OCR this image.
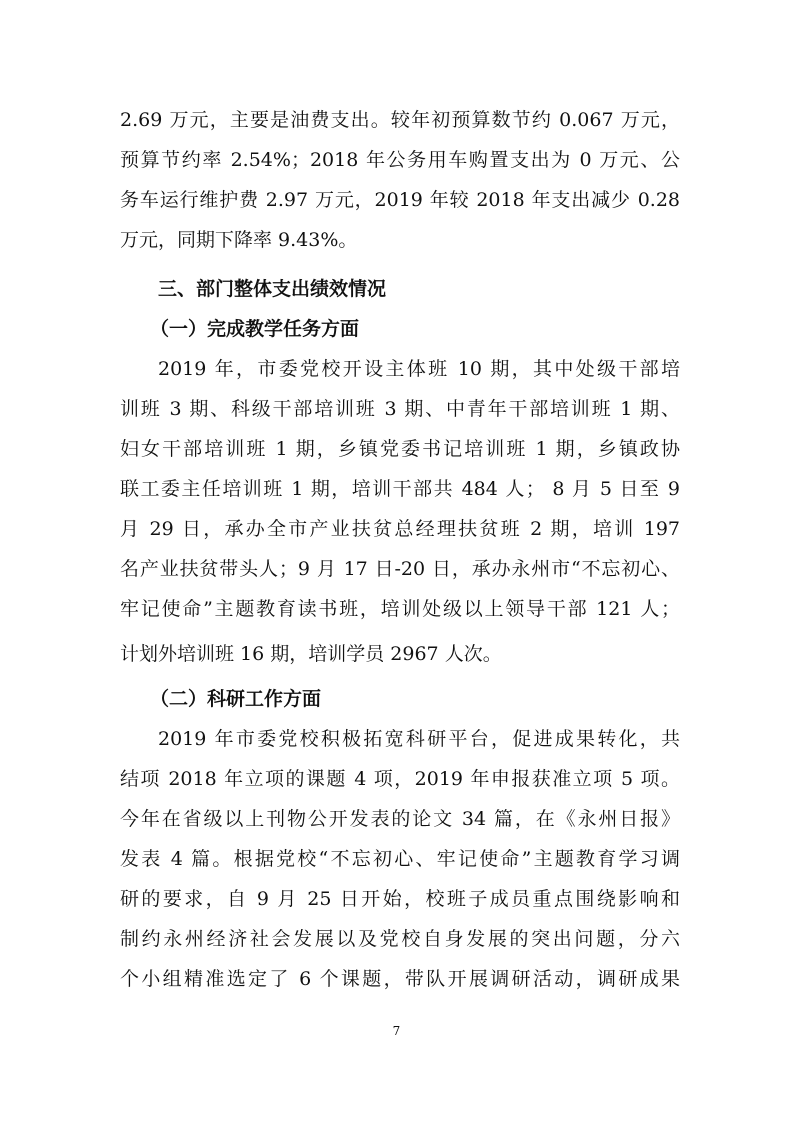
2.69 万元，主要是油费支出。较年初预算数节约 0.067 万元，
预算节约率 2.54%；2018 年公务用车购置支出为 0 万元、公
务车运行维护费 2.97 万元，2019 年较 2018 年支出减少 0.28
万元，同期下降率 9.43%。
三、部门整体支出绩效情况
（一）完成教学任务方面
2019 年，市委党校开设主体班 10 期，其中处级干部培
训班 3 期、科级干部培训班 3 期、中青年干部培训班 1 期、
妇女干部培训班 1 期，乡镇党委书记培训班 1 期，乡镇政协
联工委主任培训班 1 期，培训干部共 484 人； 8 月 5 日至 9
月 29 日，承办全市产业扶贫总经理扶贫班 2 期，培训 197
名产业扶贫带头人；9 月 17 日-20 日，承办永州市“不忘初心、
牢记使命”主题教育读书班，培训处级以上领导干部 121 人；
计划外培训班 16 期，培训学员 2967 人次。
（二）科研工作方面
2019 年市委党校积极拓宽科研平台，促进成果转化，共
结项 2018 年立项的课题 4 项，2019 年申报获准立项 5 项。
今年在省级以上刊物公开发表的论文 34 篇，在《永州日报》
发表 4 篇。根据党校“不忘初心、牢记使命”主题教育学习调
研的要求，自 9 月 25 日开始，校班子成员重点围绕影响和
制约永州经济社会发展以及党校自身发展的突出问题，分六
个小组精准选定了 6 个课题，带队开展调研活动，调研成果
7
